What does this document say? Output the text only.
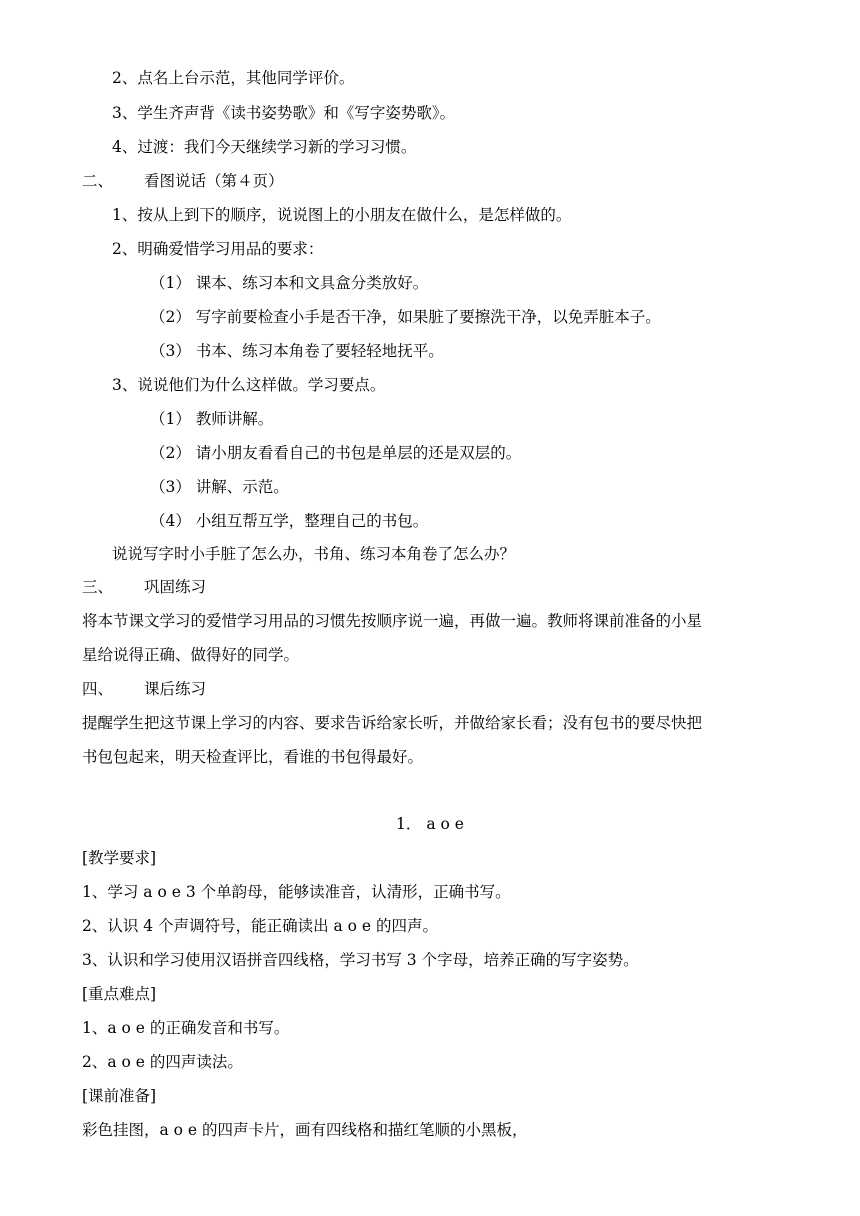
2、点名上台示范，其他同学评价。
3、学生齐声背《读书姿势歌》和《写字姿势歌》。
4、过渡：我们今天继续学习新的学习习惯。
二、 看图说话（第４页）
1、按从上到下的顺序，说说图上的小朋友在做什么，是怎样做的。
2、明确爱惜学习用品的要求：
（1） 课本、练习本和文具盒分类放好。
（2） 写字前要检查小手是否干净，如果脏了要擦洗干净，以免弄脏本子。
（3） 书本、练习本角卷了要轻轻地抚平。
3、说说他们为什么这样做。学习要点。
（1） 教师讲解。
（2） 请小朋友看看自己的书包是单层的还是双层的。
（3） 讲解、示范。
（4） 小组互帮互学，整理自己的书包。
说说写字时小手脏了怎么办，书角、练习本角卷了怎么办？
三、 巩固练习
将本节课文学习的爱惜学习用品的习惯先按顺序说一遍，再做一遍。教师将课前准备的小星
星给说得正确、做得好的同学。
四、 课后练习
提醒学生把这节课上学习的内容、要求告诉给家长听，并做给家长看；没有包书的要尽快把
书包包起来，明天检查评比，看谁的书包得最好。
1． a o e
[教学要求]
1、学习 a o e 3 个单韵母，能够读准音，认清形，正确书写。
2、认识 4 个声调符号，能正确读出 a o e 的四声。
3、认识和学习使用汉语拼音四线格，学习书写 3 个字母，培养正确的写字姿势。
[重点难点]
1、a o e 的正确发音和书写。
2、a o e 的四声读法。
[课前准备]
彩色挂图，a o e 的四声卡片，画有四线格和描红笔顺的小黑板，
